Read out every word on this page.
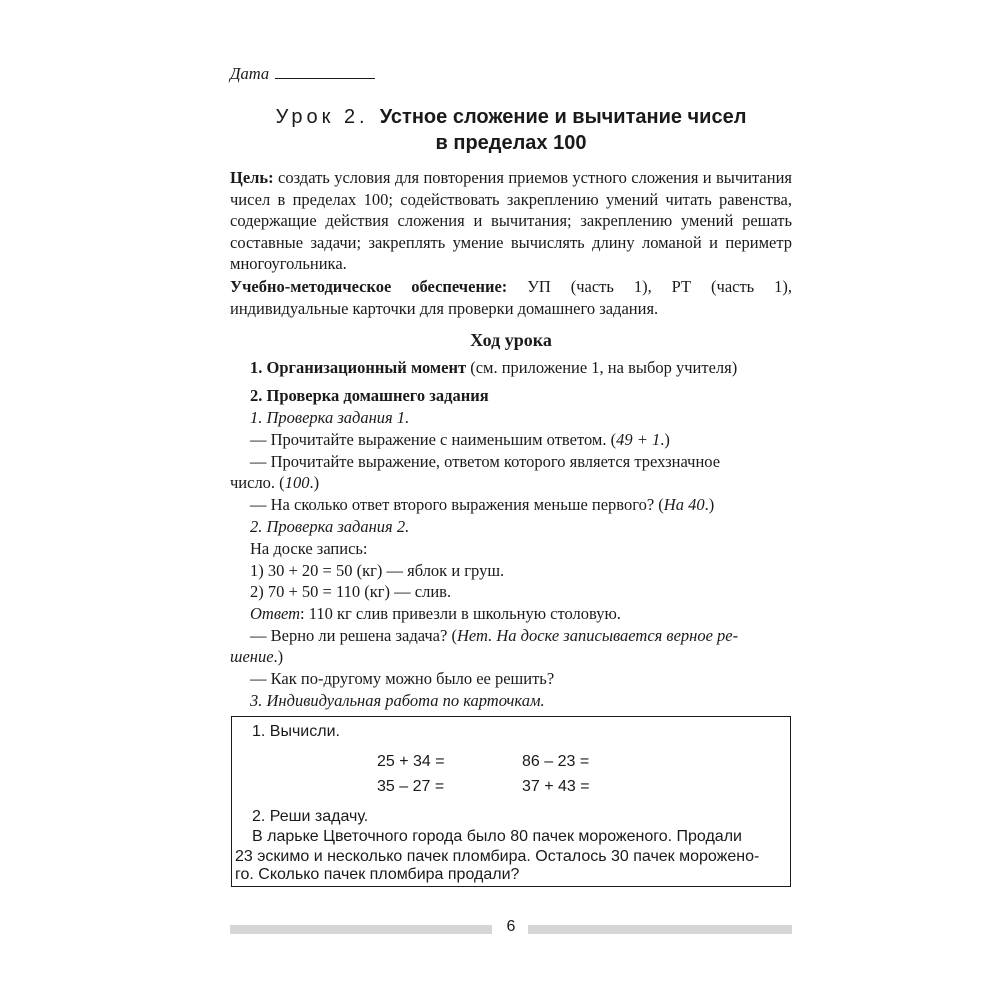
Дата
Урок 2. Устное сложение и вычитание чисел
в пределах 100
Цель: создать условия для повторения приемов устного сложения и вычитания чисел в пределах 100; содействовать закреплению умений читать равенства, содержащие действия сложения и вычитания; закреплению умений решать составные задачи; закреплять умение вычислять длину ломаной и периметр многоугольника.
Учебно-методическое обеспечение: УП (часть 1), РТ (часть 1), индивидуальные карточки для проверки домашнего задания.
Ход урока
1. Организационный момент (см. приложение 1, на выбор учителя)
2. Проверка домашнего задания
1. Проверка задания 1.
— Прочитайте выражение с наименьшим ответом. (49 + 1.)
— Прочитайте выражение, ответом которого является трехзначное
число. (100.)
— На сколько ответ второго выражения меньше первого? (На 40.)
2. Проверка задания 2.
На доске запись:
1) 30 + 20 = 50 (кг) — яблок и груш.
2) 70 + 50 = 110 (кг) — слив.
Ответ: 110 кг слив привезли в школьную столовую.
— Верно ли решена задача? (Нет. На доске записывается верное ре-
шение.)
— Как по-другому можно было ее решить?
3. Индивидуальная работа по карточкам.
1. Вычисли.
25 + 34 =	86 – 23 =
35 – 27 =	37 + 43 =
2. Реши задачу.
В ларьке Цветочного города было 80 пачек мороженого. Продали
23 эскимо и несколько пачек пломбира. Осталось 30 пачек морожено-
го. Сколько пачек пломбира продали?
6
